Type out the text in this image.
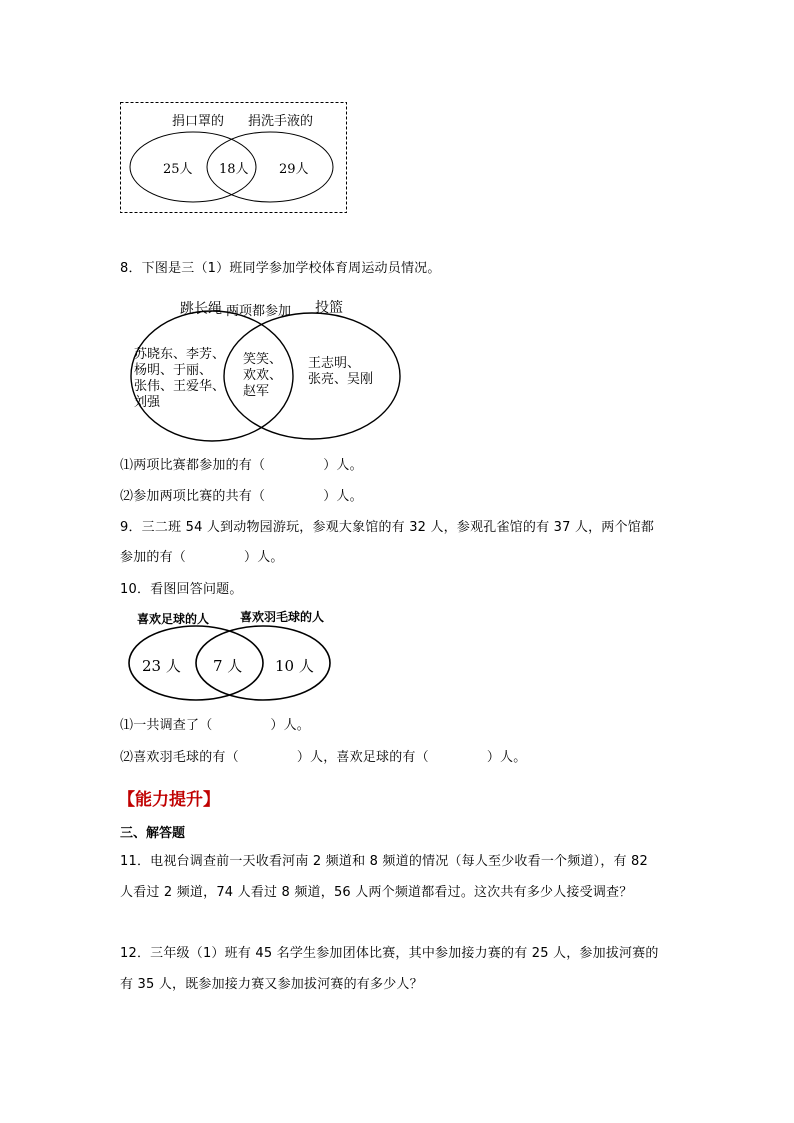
捐口罩的 捐洗手液的
25人 18人 29人
8．下图是三（1）班同学参加学校体育周运动员情况。
跳长绳 两项都参加 投篮
苏晓东、李芳、
杨明、于丽、
张伟、王爱华、
刘强
笑笑、
欢欢、
赵军
王志明、
张亮、吴刚
⑴两项比赛都参加的有（	）人。
⑵参加两项比赛的共有（	）人。
9．三二班 54 人到动物园游玩，参观大象馆的有 32 人，参观孔雀馆的有 37 人，两个馆都
参加的有（	）人。
10．看图回答问题。
喜欢足球的人	喜欢羽毛球的人
23 人 7 人 10 人
⑴一共调查了（	）人。
⑵喜欢羽毛球的有（	）人，喜欢足球的有（	）人。
【能力提升】
三、解答题
11．电视台调查前一天收看河南 2 频道和 8 频道的情况（每人至少收看一个频道），有 82
人看过 2 频道，74 人看过 8 频道，56 人两个频道都看过。这次共有多少人接受调查？
12．三年级（1）班有 45 名学生参加团体比赛，其中参加接力赛的有 25 人，参加拔河赛的
有 35 人，既参加接力赛又参加拔河赛的有多少人？
